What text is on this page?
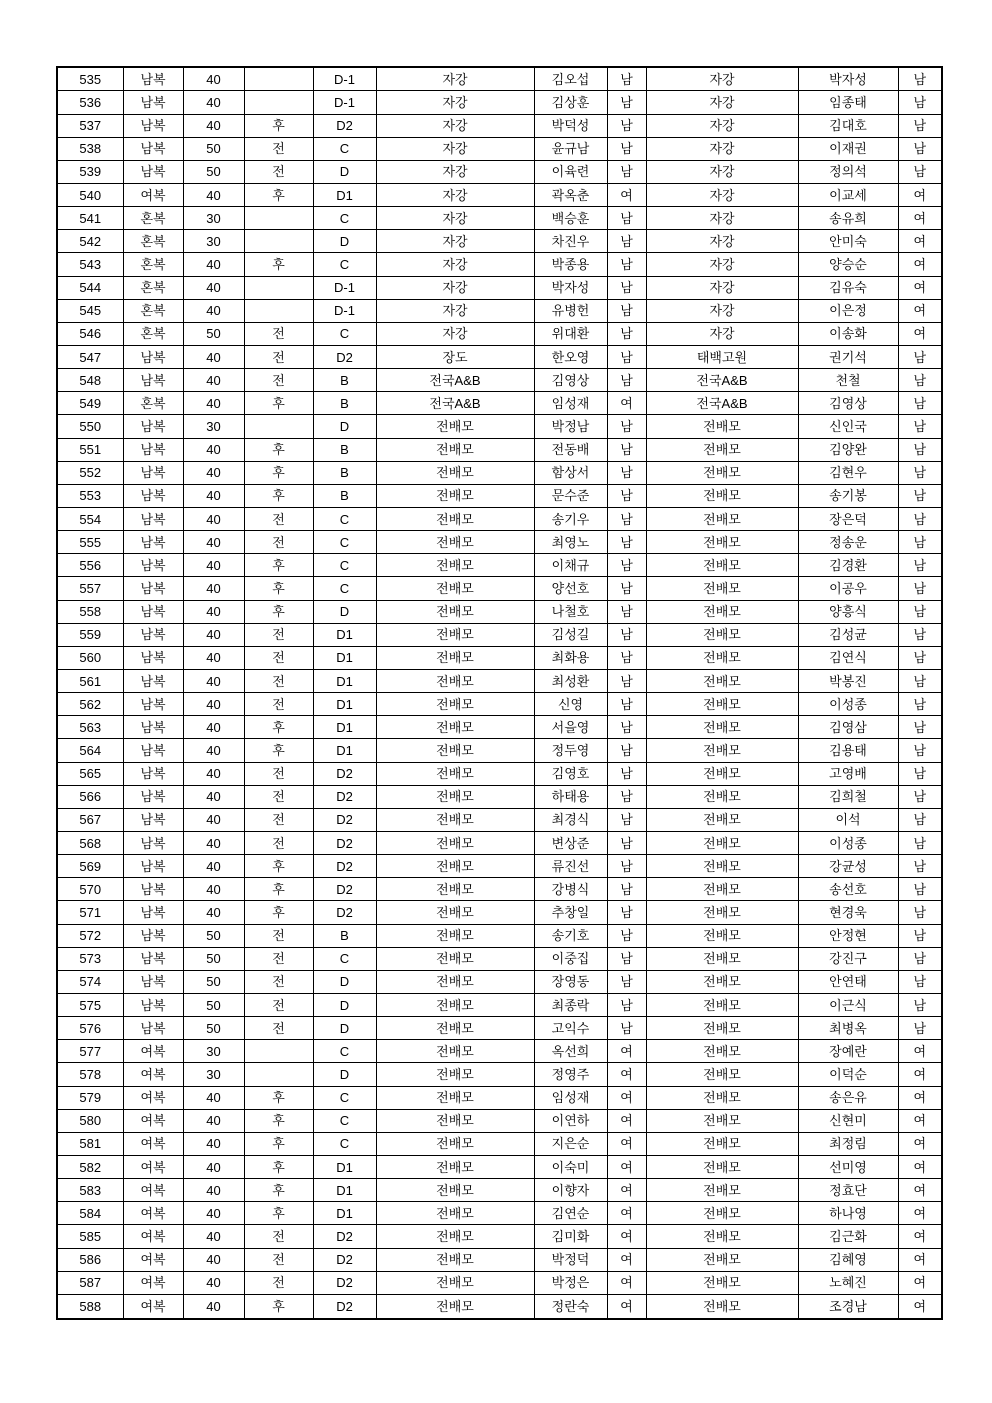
535	남복	40		D-1	자강	김오섭	남	자강	박자성	남
536	남복	40		D-1	자강	김상훈	남	자강	임종태	남
537	남복	40	후	D2	자강	박덕성	남	자강	김대호	남
538	남복	50	전	C	자강	윤규남	남	자강	이재권	남
539	남복	50	전	D	자강	이육련	남	자강	정의석	남
540	여복	40	후	D1	자강	곽옥춘	여	자강	이교세	여
541	혼복	30		C	자강	백승훈	남	자강	송유희	여
542	혼복	30		D	자강	차진우	남	자강	안미숙	여
543	혼복	40	후	C	자강	박종용	남	자강	양승순	여
544	혼복	40		D-1	자강	박자성	남	자강	김유숙	여
545	혼복	40		D-1	자강	유병헌	남	자강	이은정	여
546	혼복	50	전	C	자강	위대환	남	자강	이송화	여
547	남복	40	전	D2	장도	한오영	남	태백고원	권기석	남
548	남복	40	전	B	전국A&B	김영상	남	전국A&B	천철	남
549	혼복	40	후	B	전국A&B	임성재	여	전국A&B	김영상	남
550	남복	30		D	전배모	박정남	남	전배모	신인국	남
551	남복	40	후	B	전배모	전동배	남	전배모	김양완	남
552	남복	40	후	B	전배모	함상서	남	전배모	김현우	남
553	남복	40	후	B	전배모	문수준	남	전배모	송기봉	남
554	남복	40	전	C	전배모	송기우	남	전배모	장은덕	남
555	남복	40	전	C	전배모	최영노	남	전배모	정송운	남
556	남복	40	후	C	전배모	이채규	남	전배모	김경환	남
557	남복	40	후	C	전배모	양선호	남	전배모	이공우	남
558	남복	40	후	D	전배모	나철호	남	전배모	양흥식	남
559	남복	40	전	D1	전배모	김성길	남	전배모	김성균	남
560	남복	40	전	D1	전배모	최화용	남	전배모	김연식	남
561	남복	40	전	D1	전배모	최성환	남	전배모	박봉진	남
562	남복	40	전	D1	전배모	신영	남	전배모	이성종	남
563	남복	40	후	D1	전배모	서을영	남	전배모	김영삼	남
564	남복	40	후	D1	전배모	정두영	남	전배모	김용태	남
565	남복	40	전	D2	전배모	김영호	남	전배모	고영배	남
566	남복	40	전	D2	전배모	하태용	남	전배모	김희철	남
567	남복	40	전	D2	전배모	최경식	남	전배모	이석	남
568	남복	40	전	D2	전배모	변상준	남	전배모	이성종	남
569	남복	40	후	D2	전배모	류진선	남	전배모	강균성	남
570	남복	40	후	D2	전배모	강병식	남	전배모	송선호	남
571	남복	40	후	D2	전배모	추창일	남	전배모	현경욱	남
572	남복	50	전	B	전배모	송기호	남	전배모	안정현	남
573	남복	50	전	C	전배모	이중집	남	전배모	강진구	남
574	남복	50	전	D	전배모	장영동	남	전배모	안연태	남
575	남복	50	전	D	전배모	최종락	남	전배모	이근식	남
576	남복	50	전	D	전배모	고익수	남	전배모	최병옥	남
577	여복	30		C	전배모	옥선희	여	전배모	장예란	여
578	여복	30		D	전배모	정영주	여	전배모	이덕순	여
579	여복	40	후	C	전배모	임성재	여	전배모	송은유	여
580	여복	40	후	C	전배모	이연하	여	전배모	신현미	여
581	여복	40	후	C	전배모	지은순	여	전배모	최정림	여
582	여복	40	후	D1	전배모	이숙미	여	전배모	선미영	여
583	여복	40	후	D1	전배모	이향자	여	전배모	정효단	여
584	여복	40	후	D1	전배모	김연순	여	전배모	하나영	여
585	여복	40	전	D2	전배모	김미화	여	전배모	김근화	여
586	여복	40	전	D2	전배모	박정덕	여	전배모	김혜영	여
587	여복	40	전	D2	전배모	박정은	여	전배모	노혜진	여
588	여복	40	후	D2	전배모	정란숙	여	전배모	조경남	여
